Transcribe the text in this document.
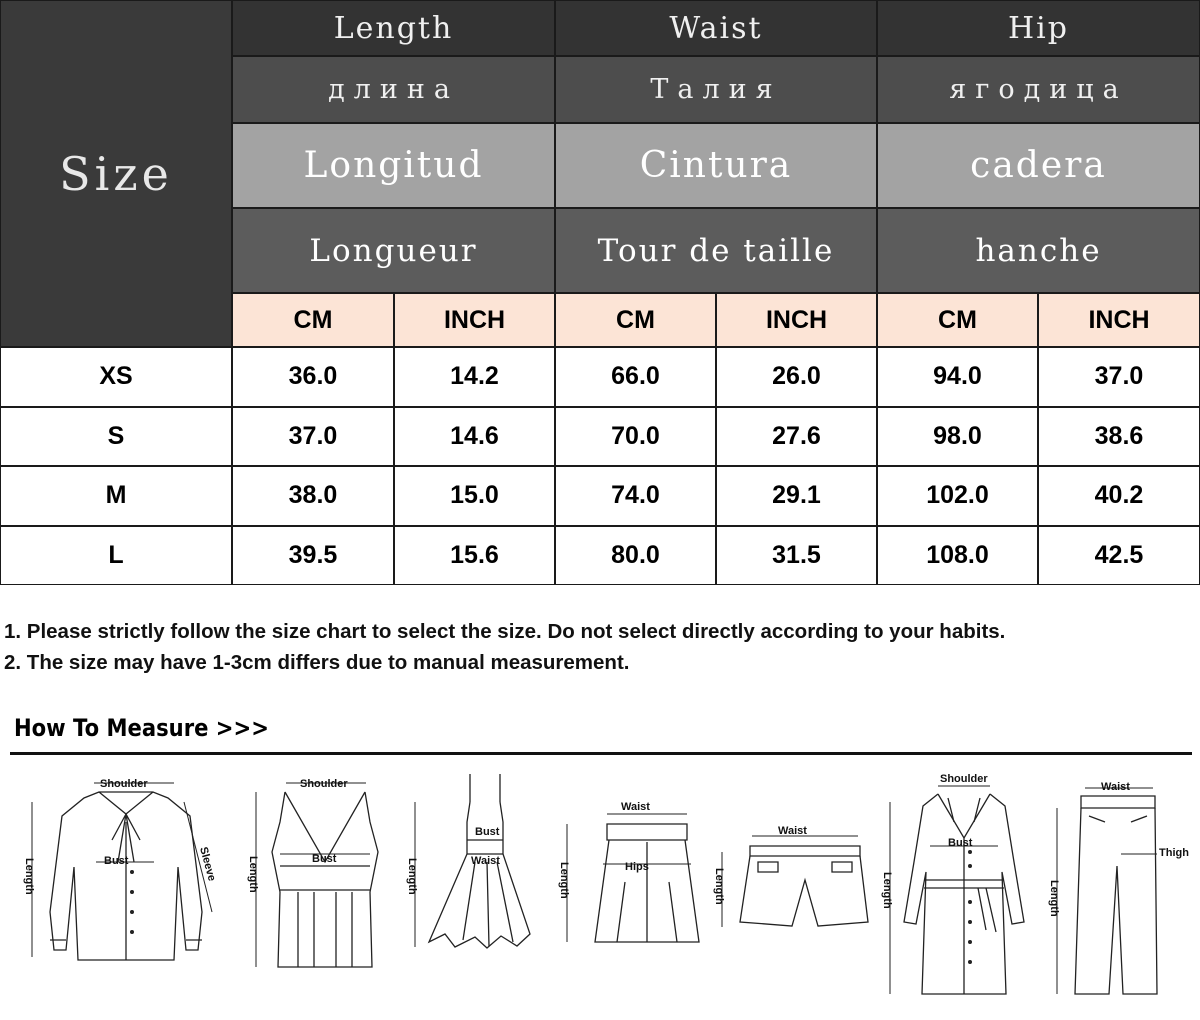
Size
Length	Waist	Hip
длина	Талия	ягодица
Longitud	Cintura	cadera
Longueur	Tour de taille	hanche
CM	INCH	CM	INCH	CM	INCH
XS	36.0	14.2	66.0	26.0	94.0	37.0
S	37.0	14.6	70.0	27.6	98.0	38.6
M	38.0	15.0	74.0	29.1	102.0	40.2
L	39.5	15.6	80.0	31.5	108.0	42.5
1. Please strictly follow the size chart to select the size. Do not select directly according to your habits.
2. The size may have 1-3cm differs due to manual measurement.
How To Measure >>>
Shoulder
Bust
Length	Sleeve
Shoulder
Bust
Length
Bust
Waist
Length
Waist
Hips
Length
Waist
Length
Shoulder
Bust
Length
Waist
Thigh
Length
